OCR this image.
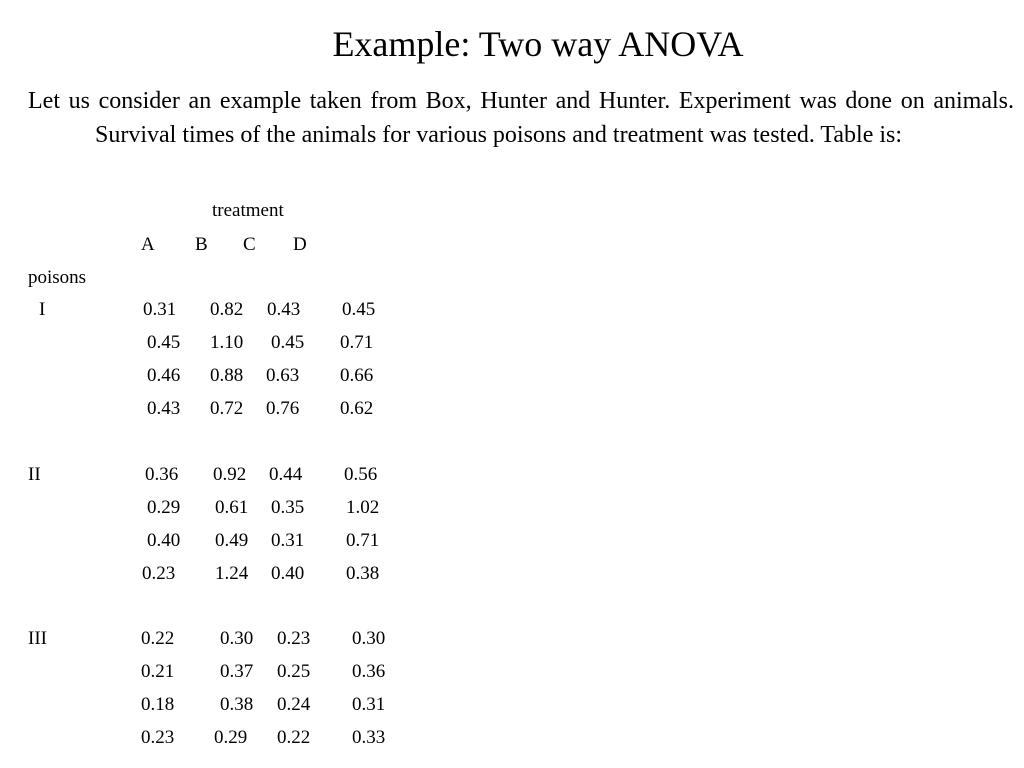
Example: Two way ANOVA
Let us consider an example taken from Box, Hunter and Hunter. Experiment was done on animals. Survival times of the animals for various poisons and treatment was tested. Table is:
treatment
A B C D
poisons
I	0.31 0.82 0.43 0.45
0.45 1.10 0.45 0.71
0.46 0.88 0.63 0.66
0.43 0.72 0.76 0.62
II	0.36 0.92 0.44 0.56
0.29 0.61 0.35 1.02
0.40 0.49 0.31 0.71
0.23 1.24 0.40 0.38
III	0.22 0.30 0.23 0.30
0.21 0.37 0.25 0.36
0.18 0.38 0.24 0.31
0.23 0.29 0.22 0.33
